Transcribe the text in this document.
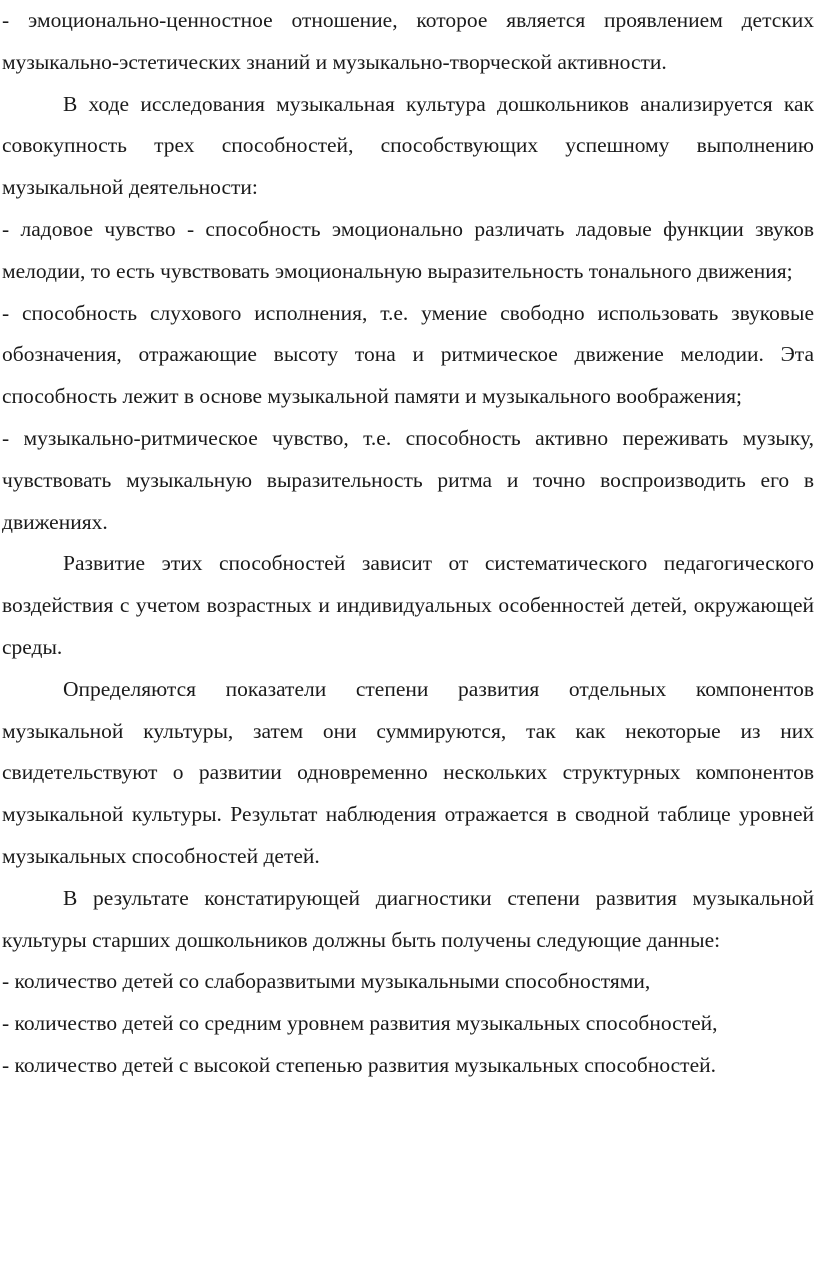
- эмоционально-ценностное отношение, которое является проявлением детских музыкально-эстетических знаний и музыкально-творческой активности.

В ходе исследования музыкальная культура дошкольников анализируется как совокупность трех способностей, способствующих успешному выполнению музыкальной деятельности:

- ладовое чувство - способность эмоционально различать ладовые функции звуков мелодии, то есть чувствовать эмоциональную выразительность тонального движения;

- способность слухового исполнения, т.е. умение свободно использовать звуковые обозначения, отражающие высоту тона и ритмическое движение мелодии. Эта способность лежит в основе музыкальной памяти и музыкального воображения;

- музыкально-ритмическое чувство, т.е. способность активно переживать музыку, чувствовать музыкальную выразительность ритма и точно воспроизводить его в движениях.

Развитие этих способностей зависит от систематического педагогического воздействия с учетом возрастных и индивидуальных особенностей детей, окружающей среды.

Определяются показатели степени развития отдельных компонентов музыкальной культуры, затем они суммируются, так как некоторые из них свидетельствуют о развитии одновременно нескольких структурных компонентов музыкальной культуры. Результат наблюдения отражается в сводной таблице уровней музыкальных способностей детей.

В результате констатирующей диагностики степени развития музыкальной культуры старших дошкольников должны быть получены следующие данные:

- количество детей со слаборазвитыми музыкальными способностями,

- количество детей со средним уровнем развития музыкальных способностей,

- количество детей с высокой степенью развития музыкальных способностей.
